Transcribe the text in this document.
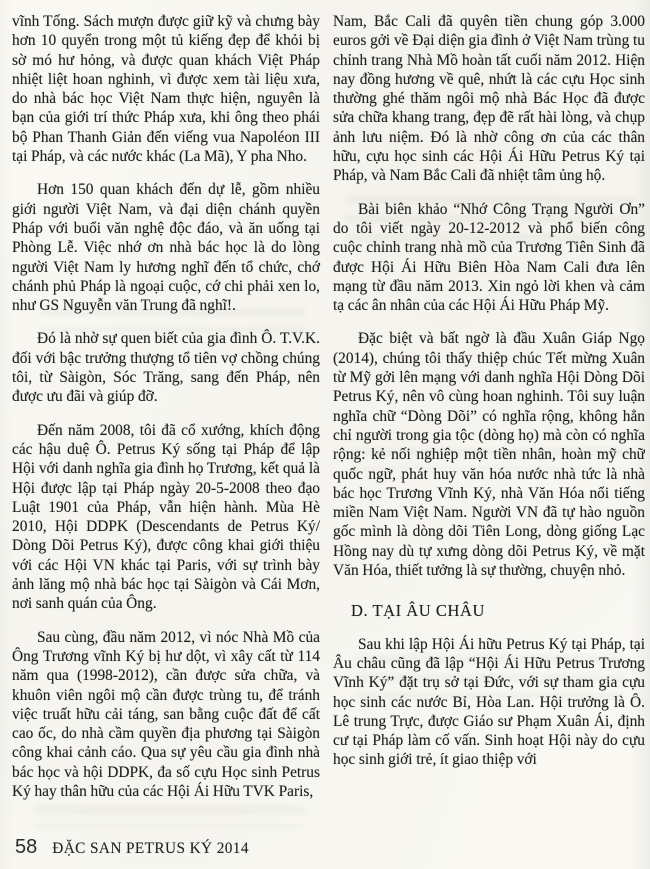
vĩnh Tống. Sách mượn được giữ kỹ và chưng bày hơn 10 quyển trong một tủ kiếng đẹp để khỏi bị sờ mó hư hỏng, và được quan khách Việt Pháp nhiệt liệt hoan nghinh, vì được xem tài liệu xưa, do nhà bác học Việt Nam thực hiện, nguyên là bạn của giới trí thức Pháp xưa, khi ông theo phái bộ Phan Thanh Giản đến viếng vua Napoléon III tại Pháp, và các nước khác (La Mã), Y pha Nho.

Hơn 150 quan khách đến dự lễ, gồm nhiều giới người Việt Nam, và đại diện chánh quyền Pháp với buổi văn nghệ độc đáo, và ăn uống tại Phòng Lễ. Việc nhớ ơn nhà bác học là do lòng người Việt Nam ly hương nghĩ đến tổ chức, chớ chánh phủ Pháp là ngoại cuộc, cớ chi phải xen lo, như GS Nguyễn văn Trung đã nghĩ!.

Đó là nhờ sự quen biết của gia đình Ô. T.V.K. đối với bậc trưởng thượng tổ tiên vợ chồng chúng tôi, từ Sàigòn, Sóc Trăng, sang đến Pháp, nên được ưu đãi và giúp đỡ.

Đến năm 2008, tôi đã cổ xướng, khích động các hậu duệ Ô. Petrus Ký sống tại Pháp để lập Hội với danh nghĩa gia đình họ Trương, kết quả là Hội được lập tại Pháp ngày 20-5-2008 theo đạo Luật 1901 của Pháp, vẫn hiện hành. Mùa Hè 2010, Hội DDPK (Descendants de Petrus Ký/ Dòng Dõi Petrus Ký), được công khai giới thiệu với các Hội VN khác tại Paris, với sự trình bày ảnh lăng mộ nhà bác học tại Sàigòn và Cái Mơn, nơi sanh quán của Ông.

Sau cùng, đầu năm 2012, vì nóc Nhà Mồ của Ông Trương vĩnh Ký bị hư dột, vì xây cất từ 114 năm qua (1998-2012), cần được sửa chữa, và khuôn viên ngôi mộ cần được trùng tu, để tránh việc truất hữu cải táng, san bằng cuộc đất để cất cao ốc, do nhà cầm quyền địa phương tại Sàigòn công khai cảnh cáo. Qua sự yêu cầu gia đình nhà bác học và hội DDPK, đa số cựu Học sinh Petrus Ký hay thân hữu của các Hội Ái Hữu TVK Paris,

Nam, Bắc Cali đã quyên tiền chung góp 3.000 euros gởi về Đại diện gia đình ở Việt Nam trùng tu chỉnh trang Nhà Mồ hoàn tất cuối năm 2012. Hiện nay đồng hương về quê, nhứt là các cựu Học sinh thường ghé thăm ngôi mộ nhà Bác Học đã được sửa chữa khang trang, đẹp đẽ rất hài lòng, và chụp ảnh lưu niệm. Đó là nhờ công ơn của các thân hữu, cựu học sinh các Hội Ái Hữu Petrus Ký tại Pháp, và Nam Bắc Cali đã nhiệt tâm ủng hộ.

Bài biên khảo “Nhớ Công Trạng Người Ơn” do tôi viết ngày 20-12-2012 và phổ biến công cuộc chỉnh trang nhà mồ của Trương Tiên Sinh đã được Hội Ái Hữu Biên Hòa Nam Cali đưa lên mạng từ đầu năm 2013. Xin ngỏ lời khen và cảm tạ các ân nhân của các Hội Ái Hữu Pháp Mỹ.

Đặc biệt và bất ngờ là đầu Xuân Giáp Ngọ (2014), chúng tôi thấy thiệp chúc Tết mừng Xuân từ Mỹ gởi lên mạng với danh nghĩa Hội Dòng Dõi Petrus Ký, nên vô cùng hoan nghinh. Tôi suy luận nghĩa chữ “Dòng Dõi” có nghĩa rộng, không hẳn chỉ người trong gia tộc (dòng họ) mà còn có nghĩa rộng: kẻ nối nghiệp một tiền nhân, hoàn mỹ chữ quốc ngữ, phát huy văn hóa nước nhà tức là nhà bác học Trương Vĩnh Ký, nhà Văn Hóa nổi tiếng miền Nam Việt Nam. Người VN đã tự hào nguồn gốc mình là dòng dõi Tiên Long, dòng giống Lạc Hồng nay dù tự xưng dòng dõi Petrus Ký, về mặt Văn Hóa, thiết tưởng là sự thường, chuyện nhỏ.

D. TẠI ÂU CHÂU

Sau khi lập Hội Ái hữu Petrus Ký tại Pháp, tại Âu châu cũng đã lập “Hội Ái Hữu Petrus Trương Vĩnh Ký” đặt trụ sở tại Đức, với sự tham gia cựu học sinh các nước Bỉ, Hòa Lan. Hội trưởng là Ô. Lê trung Trực, được Giáo sư Phạm Xuân Ái, định cư tại Pháp làm cố vấn. Sinh hoạt Hội này do cựu học sinh giới trẻ, ít giao thiệp với

58 ĐẶC SAN PETRUS KÝ 2014
